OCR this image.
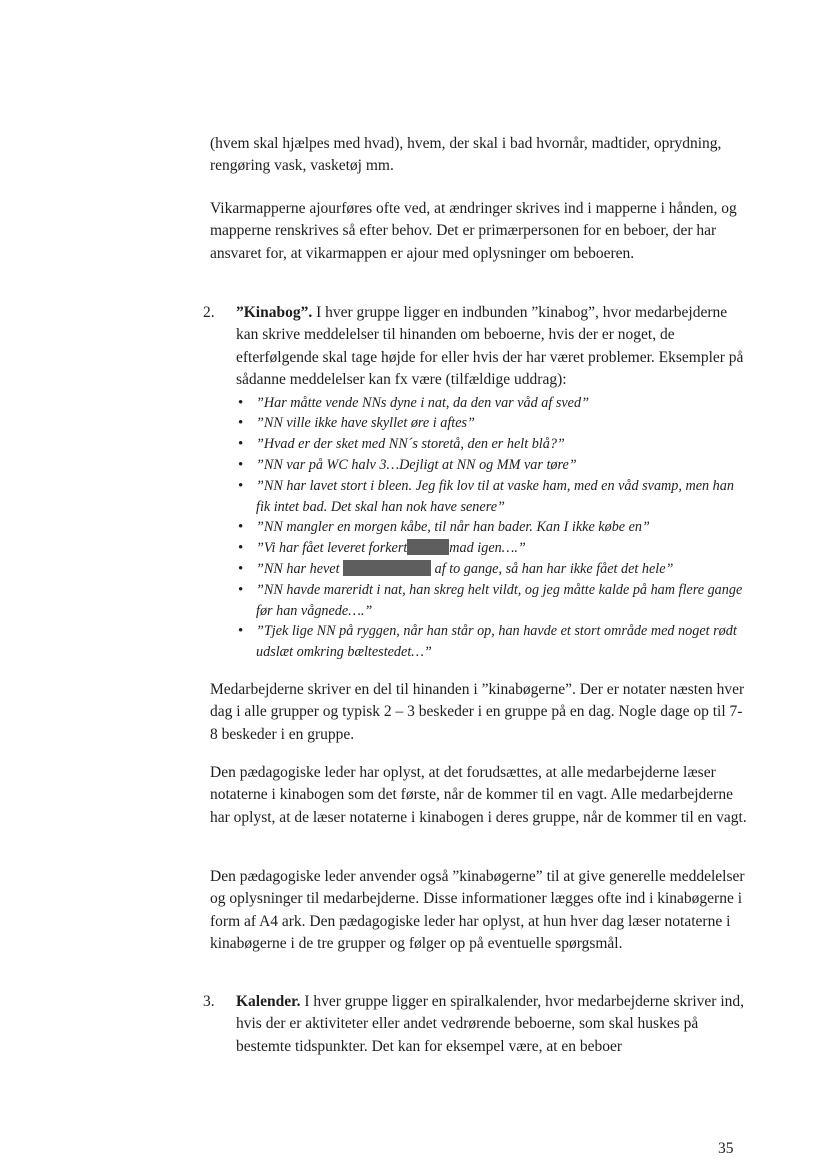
(hvem skal hjælpes med hvad), hvem, der skal i bad hvornår, madtider, oprydning, rengøring vask, vasketøj mm.

Vikarmapperne ajourføres ofte ved, at ændringer skrives ind i mapperne i hånden, og mapperne renskrives så efter behov. Det er primærpersonen for en beboer, der har ansvaret for, at vikarmappen er ajour med oplysninger om beboeren.

2. ”Kinabog”. I hver gruppe ligger en indbunden ”kinabog”, hvor medarbejderne kan skrive meddelelser til hinanden om beboerne, hvis der er noget, de efterfølgende skal tage højde for eller hvis der har været problemer. Eksempler på sådanne meddelelser kan fx være (tilfældige uddrag):

• ”Har måtte vende NNs dyne i nat, da den var våd af sved”
• ”NN ville ikke have skyllet øre i aftes”
• ”Hvad er der sket med NN´s storetå, den er helt blå?”
• ”NN var på WC halv 3…Dejligt at NN og MM var tøre”
• ”NN har lavet stort i bleen. Jeg fik lov til at vaske ham, med en våd svamp, men han fik intet bad. Det skal han nok have senere”
• ”NN mangler en morgen kåbe, til når han bader. Kan I ikke købe en”
• ”Vi har fået leveret forkert	mad igen….”
• ”NN har hevet	af to gange, så han har ikke fået det hele”
• ”NN havde mareridt i nat, han skreg helt vildt, og jeg måtte kalde på ham flere gange før han vågnede….”
• ”Tjek lige NN på ryggen, når han står op, han havde et stort område med noget rødt udslæt omkring bæltestedet…”

Medarbejderne skriver en del til hinanden i ”kinabøgerne”. Der er notater næsten hver dag i alle grupper og typisk 2 – 3 beskeder i en gruppe på en dag. Nogle dage op til 7-8 beskeder i en gruppe.

Den pædagogiske leder har oplyst, at det forudsættes, at alle medarbejderne læser notaterne i kinabogen som det første, når de kommer til en vagt. Alle medarbejderne har oplyst, at de læser notaterne i kinabogen i deres gruppe, når de kommer til en vagt.

Den pædagogiske leder anvender også ”kinabøgerne” til at give generelle meddelelser og oplysninger til medarbejderne. Disse informationer lægges ofte ind i kinabøgerne i form af A4 ark. Den pædagogiske leder har oplyst, at hun hver dag læser notaterne i kinabøgerne i de tre grupper og følger op på eventuelle spørgsmål.

3. Kalender. I hver gruppe ligger en spiralkalender, hvor medarbejderne skriver ind, hvis der er aktiviteter eller andet vedrørende beboerne, som skal huskes på bestemte tidspunkter. Det kan for eksempel være, at en beboer

35
